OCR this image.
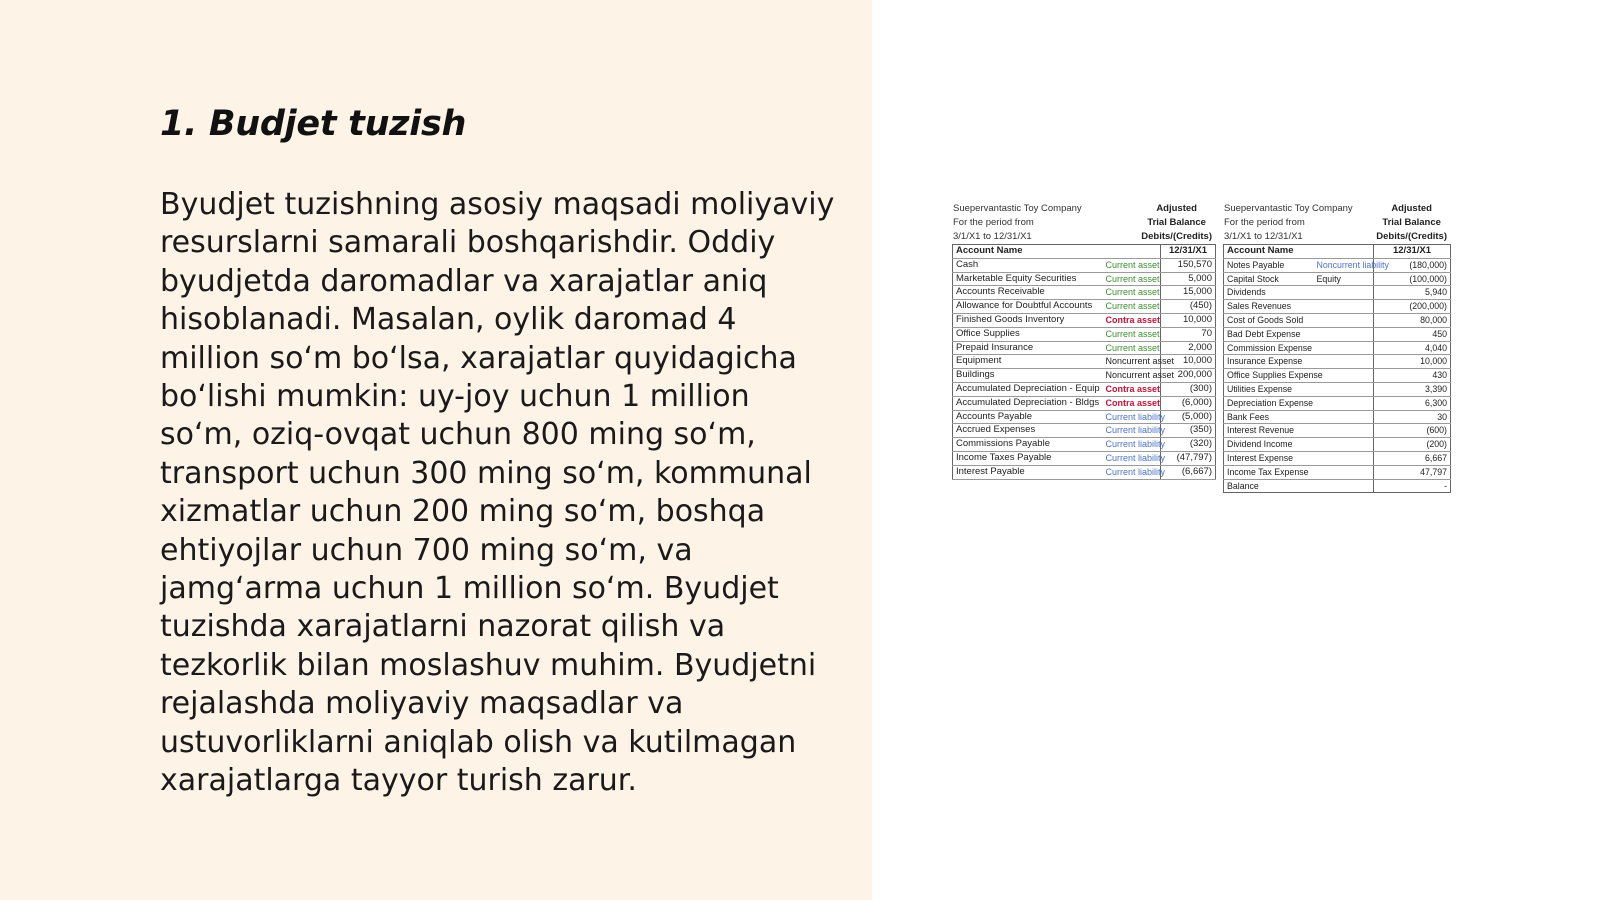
1. Budjet tuzish

Byudjet tuzishning asosiy maqsadi moliyaviy resurslarni samarali boshqarishdir. Oddiy byudjetda daromadlar va xarajatlar aniq hisoblanadi. Masalan, oylik daromad 4 million so‘m bo‘lsa, xarajatlar quyidagicha bo‘lishi mumkin: uy-joy uchun 1 million so‘m, oziq-ovqat uchun 800 ming so‘m, transport uchun 300 ming so‘m, kommunal xizmatlar uchun 200 ming so‘m, boshqa ehtiyojlar uchun 700 ming so‘m, va jamg‘arma uchun 1 million so‘m. Byudjet tuzishda xarajatlarni nazorat qilish va tezkorlik bilan moslashuv muhim. Byudjetni rejalashda moliyaviy maqsadlar va ustuvorliklarni aniqlab olish va kutilmagan xarajatlarga tayyor turish zarur.

Suepervantastic Toy Company
For the period from
3/1/X1 to 12/31/X1
Adjusted
Trial Balance
Debits/(Credits)
Account Name		12/31/X1
Cash	Current asset	150,570
Marketable Equity Securities	Current asset	5,000
Accounts Receivable	Current asset	15,000
Allowance for Doubtful Accounts	Current asset	(450)
Finished Goods Inventory	Contra asset	10,000
Office Supplies	Current asset	70
Prepaid Insurance	Current asset	2,000
Equipment	Noncurrent asset	10,000
Buildings	Noncurrent asset	200,000
Accumulated Depreciation - Equip	Contra asset	(300)
Accumulated Depreciation - Bldgs	Contra asset	(6,000)
Accounts Payable	Current liability	(5,000)
Accrued Expenses	Current liability	(350)
Commissions Payable	Current liability	(320)
Income Taxes Payable	Current liability	(47,797)
Interest Payable	Current liability	(6,667)
Suepervantastic Toy Company
For the period from
3/1/X1 to 12/31/X1
Adjusted
Trial Balance
Debits/(Credits)
Account Name		12/31/X1
Notes Payable	Noncurrent liability	(180,000)
Capital Stock	Equity	(100,000)
Dividends		5,940
Sales Revenues		(200,000)
Cost of Goods Sold		80,000
Bad Debt Expense		450
Commission Expense		4,040
Insurance Expense		10,000
Office Supplies Expense		430
Utilities Expense		3,390
Depreciation Expense		6,300
Bank Fees		30
Interest Revenue		(600)
Dividend Income		(200)
Interest Expense		6,667
Income Tax Expense		47,797
Balance		-
